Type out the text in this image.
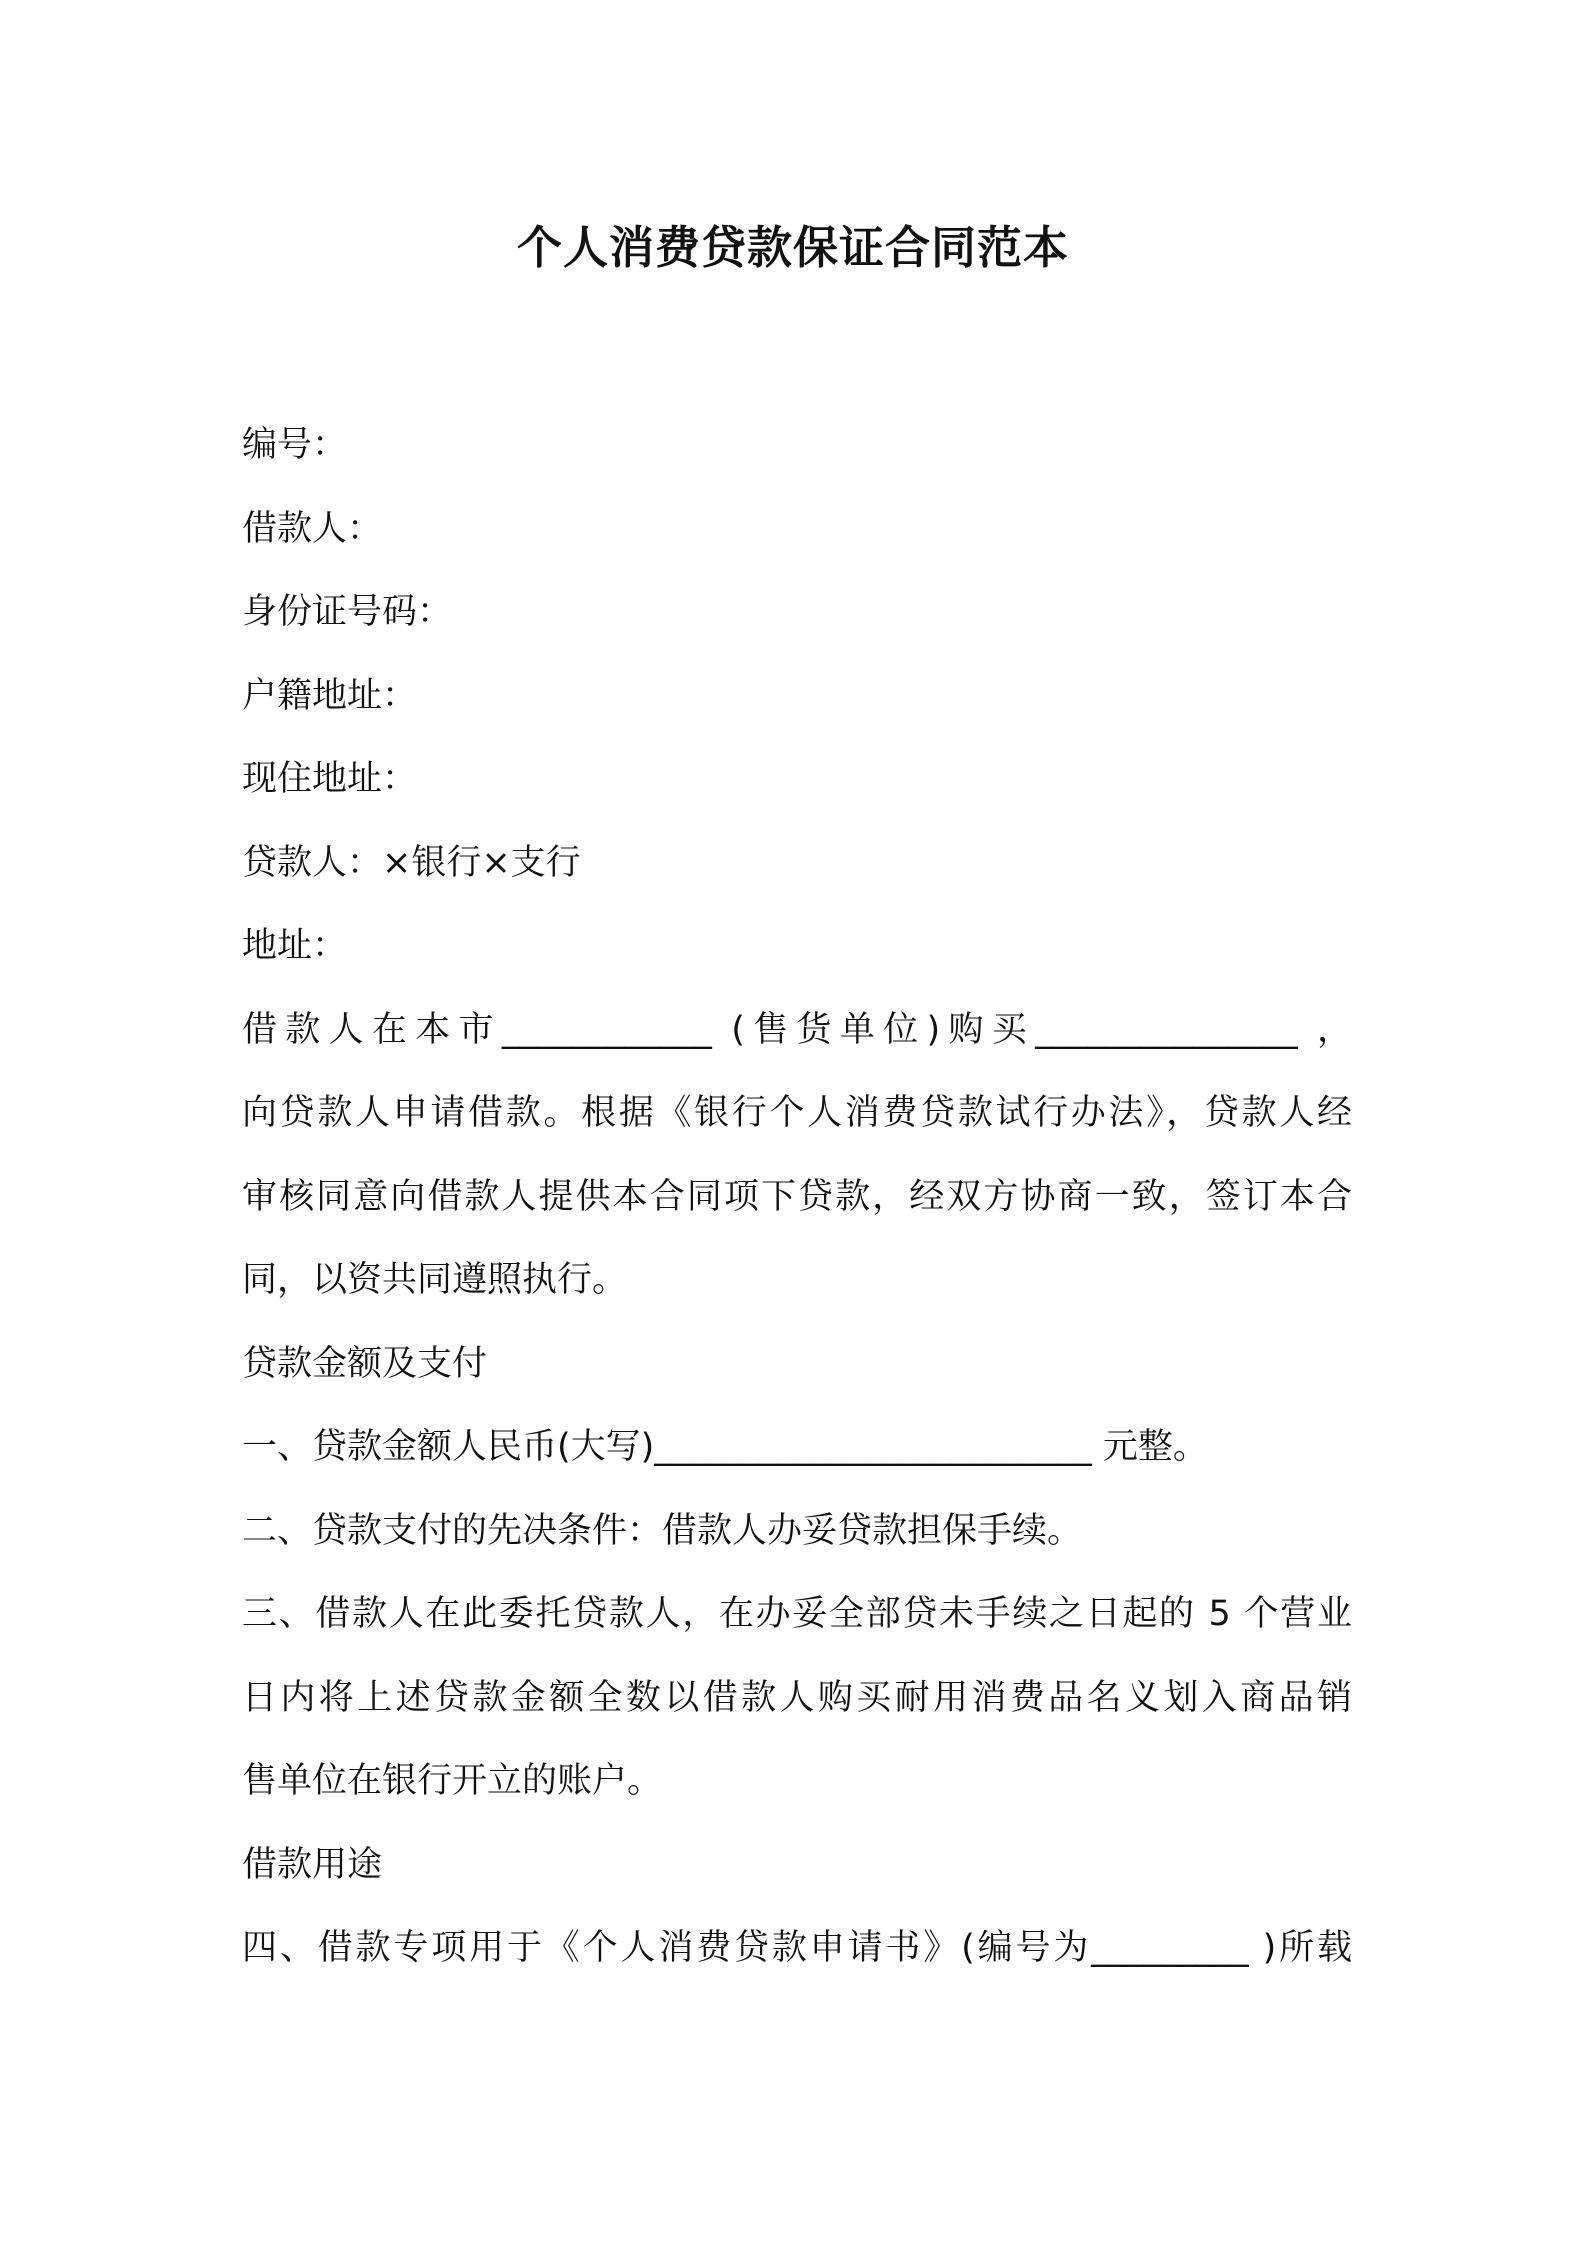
个人消费贷款保证合同范本
编号：
借款人：
身份证号码：
户籍地址：
现住地址：
贷款人：×银行×支行
地址：
借款人在本市____________ (售货单位)购买_______________ ，
向贷款人申请借款。根据《银行个人消费贷款试行办法》，贷款人经
审核同意向借款人提供本合同项下贷款，经双方协商一致，签订本合
同，以资共同遵照执行。
贷款金额及支付
一、贷款金额人民币(大写)_________________________ 元整。
二、贷款支付的先决条件：借款人办妥贷款担保手续。
三、借款人在此委托贷款人，在办妥全部贷未手续之日起的 5 个营业
日内将上述贷款金额全数以借款人购买耐用消费品名义划入商品销
售单位在银行开立的账户。
借款用途
四、借款专项用于《个人消费贷款申请书》(编号为_________ )所载
